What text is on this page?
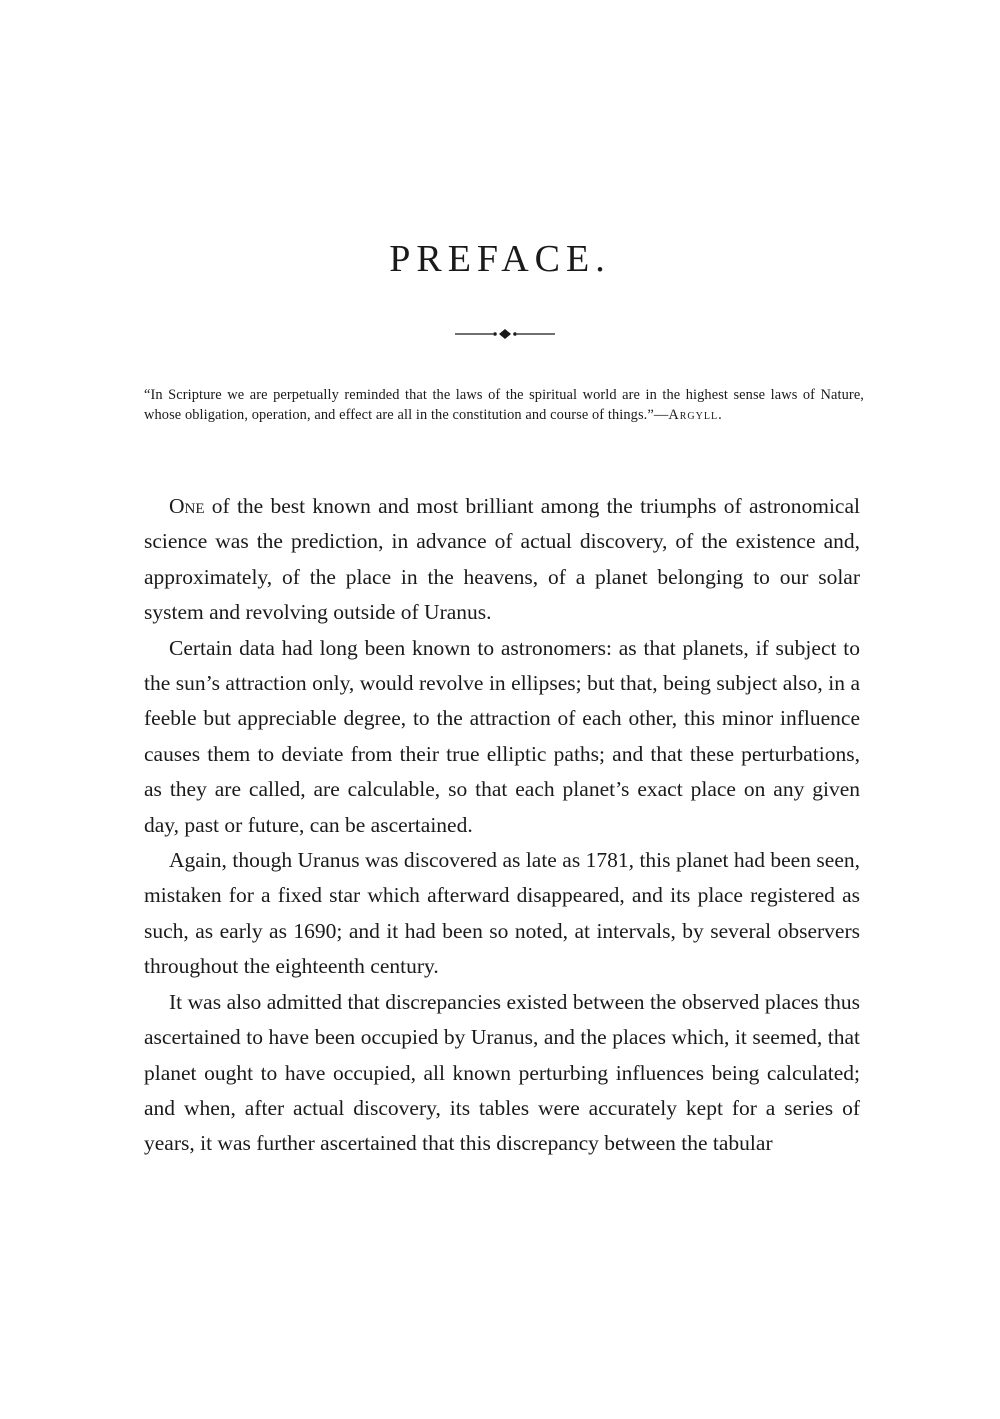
PREFACE.

“In Scripture we are perpetually reminded that the laws of the spiritual world are in the highest sense laws of Nature, whose obligation, operation, and effect are all in the constitution and course of things.”—Argyll.

One of the best known and most brilliant among the triumphs of astronomical science was the prediction, in advance of actual discovery, of the existence and, approximately, of the place in the heavens, of a planet belonging to our solar system and revolving outside of Uranus.

Certain data had long been known to astronomers: as that planets, if subject to the sun’s attraction only, would revolve in ellipses; but that, being subject also, in a feeble but appreciable degree, to the attraction of each other, this minor influence causes them to deviate from their true elliptic paths; and that these perturbations, as they are called, are calculable, so that each planet’s exact place on any given day, past or future, can be ascertained.

Again, though Uranus was discovered as late as 1781, this planet had been seen, mistaken for a fixed star which afterward disappeared, and its place registered as such, as early as 1690; and it had been so noted, at intervals, by several observers throughout the eighteenth century.

It was also admitted that discrepancies existed between the observed places thus ascertained to have been occupied by Uranus, and the places which, it seemed, that planet ought to have occupied, all known perturbing influences being calculated; and when, after actual discovery, its tables were accurately kept for a series of years, it was further ascertained that this discrepancy between the tabular
